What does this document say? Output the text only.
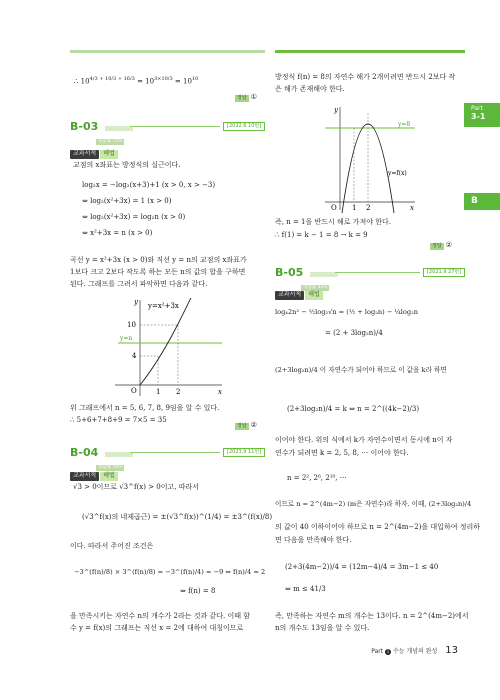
Part
3-1
B
∴ $10^{4/3 + 10/3 + 16/3} = 10^{3\times 10/3} = 10^{10}$
정답 ①
B-03
정답률 72%
[2022.6 10번]
교과서적 해법
교점의 x좌표는 방정식의 실근이다.
log₂x = −log₂(x+3)+1 (x > 0, x > −3)
⇔ log₂(x²+3x) = 1 (x > 0)
⇔ log₂(x²+3x) = log₂n (x > 0)
⇔ x²+3x = n (x > 0)
곡선 y = x²+3x (x > 0)와 직선 y = n의 교점의 x좌표가
1보다 크고 2보다 작도록 하는 모든 n의 값의 합을 구하면
된다. 그래프를 그려서 파악하면 다음과 같다.
y=x²+3x
y=n
10
4
O	1 2	x
y
위 그래프에서 n = 5, 6, 7, 8, 9임을 알 수 있다.
∴ 5+6+7+8+9 = 7×5 = 35
정답 ②
B-04
정답률 50%
[2023.9 11번]
교과서적 해법
√3 > 0이므로 √3^f(x) > 0이고, 따라서
(√3^f(x)의 네제곱근) = ±(√3^f(x))^(1/4) = ±3^(f(x)/8)
이다. 따라서 주어진 조건은
−3^(f(n)/8) × 3^(f(n)/8) = −3^(f(n)/4) = −9 ⇔ f(n)/4 = 2
⇔ f(n) = 8
을 만족시키는 자연수 n의 개수가 2라는 것과 같다. 이때 함
수 y = f(x)의 그래프는 직선 x = 2에 대하여 대칭이므로
방정식 f(n) = 8의 자연수 해가 2개이려면 반드시 2보다 작
은 해가 존재해야 한다.
y=8
y=f(x)
O 1 2	x
y
즉, n = 1을 반드시 해로 가져야 한다.
∴ f(1) = k − 1 = 8 → k = 9
정답 ②
B-05
정답률 43%
[2021.9 27번]
교과서적 해법
log₄2n² − ½log₂√n = (½ + log₂n) − ¼log₂n
= (2 + 3log₂n)/4
(2+3log₂n)/4 이 자연수가 되어야 하므로 이 값을 k라 하면
(2+3log₂n)/4 = k ⇔ n = 2^((4k−2)/3)
이어야 한다. 위의 식에서 k가 자연수이면서 동시에 n이 자
연수가 되려면 k = 2, 5, 8, ⋯ 이어야 한다.
n = 2², 2⁶, 2¹⁰, ⋯
이므로 n = 2^(4m−2) (m은 자연수)라 하자. 이때, (2+3log₂n)/4
의 값이 40 이하이어야 하므로 n = 2^(4m−2)을 대입하여 정리하
면 다음을 만족해야 한다.
(2+3(4m−2))/4 = (12m−4)/4 = 3m−1 ≤ 40
⇔ m ≤ 41/3
즉, 만족하는 자연수 m의 개수는 13이다. n = 2^(4m−2)에서
n의 개수도 13임을 알 수 있다.
Part 1 수능 개념의 완성 13
